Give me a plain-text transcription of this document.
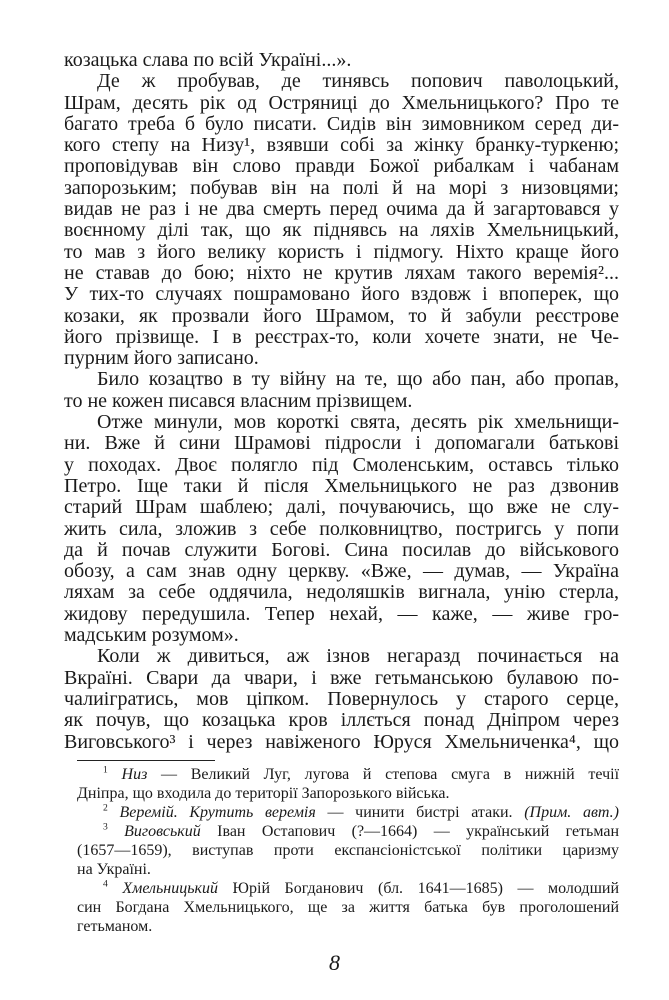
козацька слава по всій Україні...».
Де ж пробував, де тинявсь попович паволоцький,
Шрам, десять рік од Остряниці до Хмельницького? Про те
багато треба б було писати. Сидів він зимовником серед ди-
кого степу на Низу¹, взявши собі за жінку бранку-туркеню;
проповідував він слово правди Божої рибалкам і чабанам
запорозьким; побував він на полі й на морі з низовцями;
видав не раз і не два смерть перед очима да й загартовався у
воєнному ділі так, що як піднявсь на ляхів Хмельницький,
то мав з його велику користь і підмогу. Ніхто краще його
не ставав до бою; ніхто не крутив ляхам такого веремія²...
У тих-то случаях пошрамовано його вздовж і впоперек, що
козаки, як прозвали його Шрамом, то й забули реєстрове
його прізвище. І в реєстрах-то, коли хочете знати, не Че-
пурним його записано.
Било козацтво в ту війну на те, що або пан, або пропав,
то не кожен писався власним прізвищем.
Отже минули, мов короткі свята, десять рік хмельнищи-
ни. Вже й сини Шрамові підросли і допомагали батькові
у походах. Двоє полягло під Смоленським, оставсь тілько
Петро. Іще таки й після Хмельницького не раз дзвонив
старий Шрам шаблею; далі, почуваючись, що вже не слу-
жить сила, зложив з себе полковництво, постригсь у попи
да й почав служити Богові. Сина посилав до військового
обозу, а сам знав одну церкву. «Вже, — думав, — Україна
ляхам за себе оддячила, недоляшків вигнала, унію стерла,
жидову передушила. Тепер нехай, — каже, — живе гро-
мадським розумом».
Коли ж дивиться, аж ізнов негаразд починається на
Вкраїні. Свари да чвари, і вже гетьманською булавою по-
чалиігратись, мов ціпком. Повернулось у старого серце,
як почув, що козацька кров іллється понад Дніпром через
Виговського³ і через навіженого Юруся Хмельниченка⁴, що
$^1$ Низ — Великий Луг, лугова й степова смуга в нижній течії
Дніпра, що входила до території Запорозького війська.
$^2$ Веремій. Крутить веремія — чинити бистрі атаки. (Прим. авт.)
$^3$ Виговський Іван Остапович (?—1664) — український гетьман
(1657—1659), виступав проти експансіоністської політики царизму
на Україні.
$^4$ Хмельницький Юрій Богданович (бл. 1641—1685) — молодший
син Богдана Хмельницького, ще за життя батька був проголошений
гетьманом.
8
